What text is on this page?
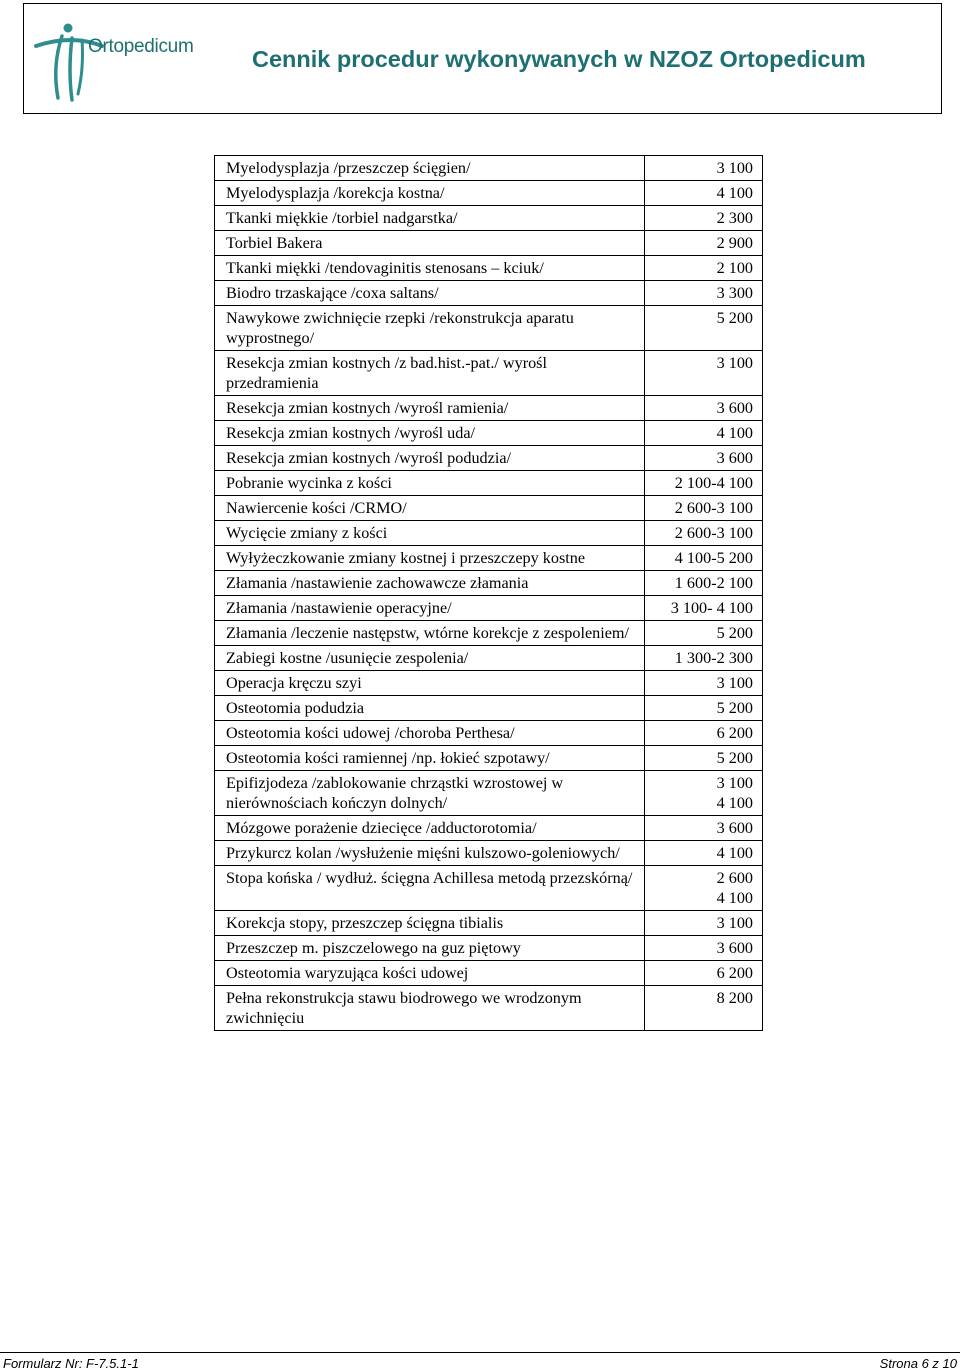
Ortopedicum Cennik procedur wykonywanych w NZOZ Ortopedicum
Myelodysplazja /przeszczep ścięgien/	3 100
Myelodysplazja /korekcja kostna/	4 100
Tkanki miękkie /torbiel nadgarstka/	2 300
Torbiel Bakera	2 900
Tkanki miękki /tendovaginitis stenosans – kciuk/	2 100
Biodro trzaskające /coxa saltans/	3 300
Nawykowe zwichnięcie rzepki /rekonstrukcja aparatu wyprostnego/	5 200
Resekcja zmian kostnych /z bad.hist.-pat./ wyrośl przedramienia	3 100
Resekcja zmian kostnych /wyrośl ramienia/	3 600
Resekcja zmian kostnych /wyrośl uda/	4 100
Resekcja zmian kostnych /wyrośl podudzia/	3 600
Pobranie wycinka z kości	2 100-4 100
Nawiercenie kości /CRMO/	2 600-3 100
Wycięcie zmiany z kości	2 600-3 100
Wyłyżeczkowanie zmiany kostnej i przeszczepy kostne	4 100-5 200
Złamania /nastawienie zachowawcze złamania	1 600-2 100
Złamania /nastawienie operacyjne/	3 100- 4 100
Złamania /leczenie następstw, wtórne korekcje z zespoleniem/	5 200
Zabiegi kostne /usunięcie zespolenia/	1 300-2 300
Operacja kręczu szyi	3 100
Osteotomia podudzia	5 200
Osteotomia kości udowej /choroba Perthesa/	6 200
Osteotomia kości ramiennej /np. łokieć szpotawy/	5 200
Epifizjodeza /zablokowanie chrząstki wzrostowej w nierównościach kończyn dolnych/	3 100
4 100
Mózgowe porażenie dziecięce /adductorotomia/	3 600
Przykurcz kolan /wysłużenie mięśni kulszowo-goleniowych/	4 100
Stopa końska / wydłuż. ścięgna Achillesa metodą przezskórną/	2 600
4 100
Korekcja stopy, przeszczep ścięgna tibialis	3 100
Przeszczep m. piszczelowego na guz piętowy	3 600
Osteotomia waryzująca kości udowej	6 200
Pełna rekonstrukcja stawu biodrowego we wrodzonym zwichnięciu	8 200
Formularz Nr: F-7.5.1-1	Strona 6 z 10
